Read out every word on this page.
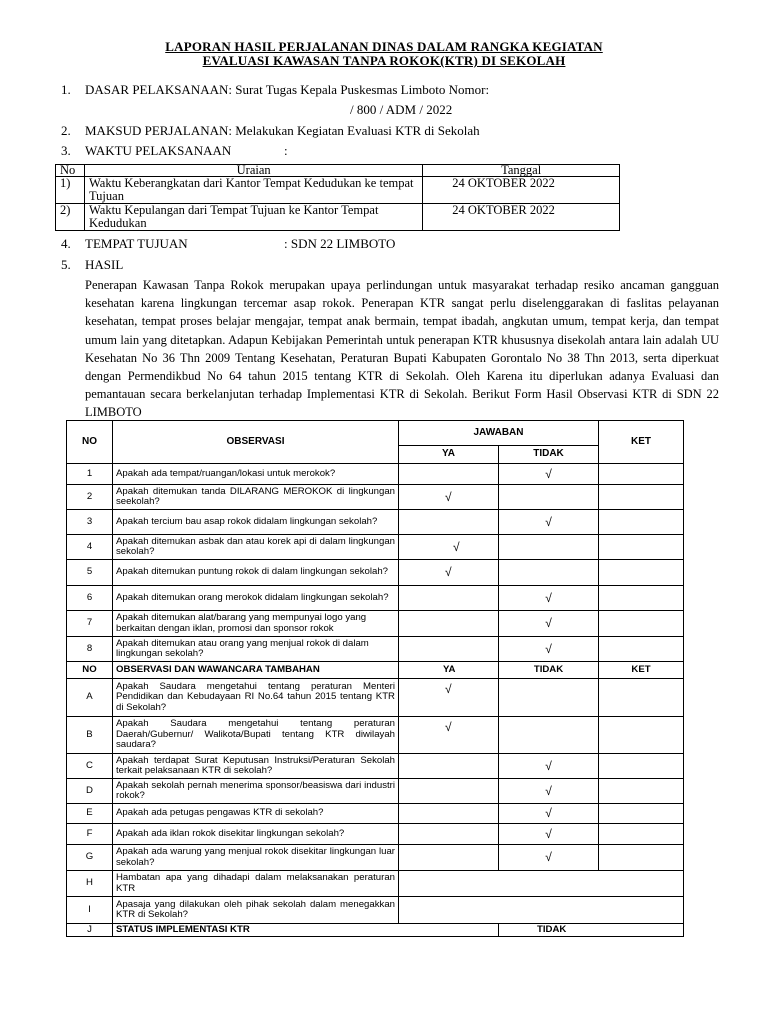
LAPORAN HASIL PERJALANAN DINAS DALAM RANGKA KEGIATAN
EVALUASI KAWASAN TANPA ROKOK(KTR) DI SEKOLAH
1. DASAR PELAKSANAAN: Surat Tugas Kepala Puskesmas Limboto Nomor:
/ 800 / ADM / 2022
2. MAKSUD PERJALANAN: Melakukan Kegiatan Evaluasi KTR di Sekolah
3. WAKTU PELAKSANAAN	:
No	Uraian	Tanggal
1)	Waktu Keberangkatan dari Kantor Tempat Kedudukan ke tempat Tujuan	24 OKTOBER 2022
2)	Waktu Kepulangan dari Tempat Tujuan ke Kantor Tempat Kedudukan	24 OKTOBER 2022
4. TEMPAT TUJUAN	: SDN 22 LIMBOTO
5. HASIL
Penerapan Kawasan Tanpa Rokok merupakan upaya perlindungan untuk masyarakat terhadap resiko ancaman gangguan kesehatan karena lingkungan tercemar asap rokok. Penerapan KTR sangat perlu diselenggarakan di faslitas pelayanan kesehatan, tempat proses belajar mengajar, tempat anak bermain, tempat ibadah, angkutan umum, tempat kerja, dan tempat umum lain yang ditetapkan. Adapun Kebijakan Pemerintah untuk penerapan KTR khususnya disekolah antara lain adalah UU Kesehatan No 36 Thn 2009 Tentang Kesehatan, Peraturan Bupati Kabupaten Gorontalo No 38 Thn 2013, serta diperkuat dengan Permendikbud No 64 tahun 2015 tentang KTR di Sekolah. Oleh Karena itu diperlukan adanya Evaluasi dan pemantauan secara berkelanjutan terhadap Implementasi KTR di Sekolah. Berikut Form Hasil Observasi KTR di SDN 22 LIMBOTO
NO	OBSERVASI	JAWABAN		KET
		YA	TIDAK	
1	Apakah ada tempat/ruangan/lokasi untuk merokok?		√	
2	Apakah ditemukan tanda DILARANG MEROKOK di lingkungan seekolah?	√		
3	Apakah tercium bau asap rokok didalam lingkungan sekolah?		√	
4	Apakah ditemukan asbak dan atau korek api di dalam lingkungan sekolah?	√		
5	Apakah ditemukan puntung rokok di dalam lingkungan sekolah?	√		
6	Apakah ditemukan orang merokok didalam lingkungan sekolah?		√	
7	Apakah ditemukan alat/barang yang mempunyai logo yang berkaitan dengan iklan, promosi dan sponsor rokok		√	
8	Apakah ditemukan atau orang yang menjual rokok di dalam lingkungan sekolah?		√	
NO	OBSERVASI DAN WAWANCARA TAMBAHAN	YA	TIDAK	KET
A	Apakah Saudara mengetahui tentang peraturan Menteri Pendidikan dan Kebudayaan RI No.64 tahun 2015 tentang KTR di Sekolah?	√		
B	Apakah Saudara mengetahui tentang peraturan Daerah/Gubernur/ Walikota/Bupati tentang KTR diwilayah saudara?	√		
C	Apakah terdapat Surat Keputusan Instruksi/Peraturan Sekolah terkait pelaksanaan KTR di sekolah?		√	
D	Apakah sekolah pernah menerima sponsor/beasiswa dari industri rokok?		√	
E	Apakah ada petugas pengawas KTR di sekolah?		√	
F	Apakah ada iklan rokok disekitar lingkungan sekolah?		√	
G	Apakah ada warung yang menjual rokok disekitar lingkungan luar sekolah?		√	
H	Hambatan apa yang dihadapi dalam melaksanakan peraturan KTR			
I	Apasaja yang dilakukan oleh pihak sekolah dalam menegakkan KTR di Sekolah?			
J	STATUS IMPLEMENTASI KTR		TIDAK	
